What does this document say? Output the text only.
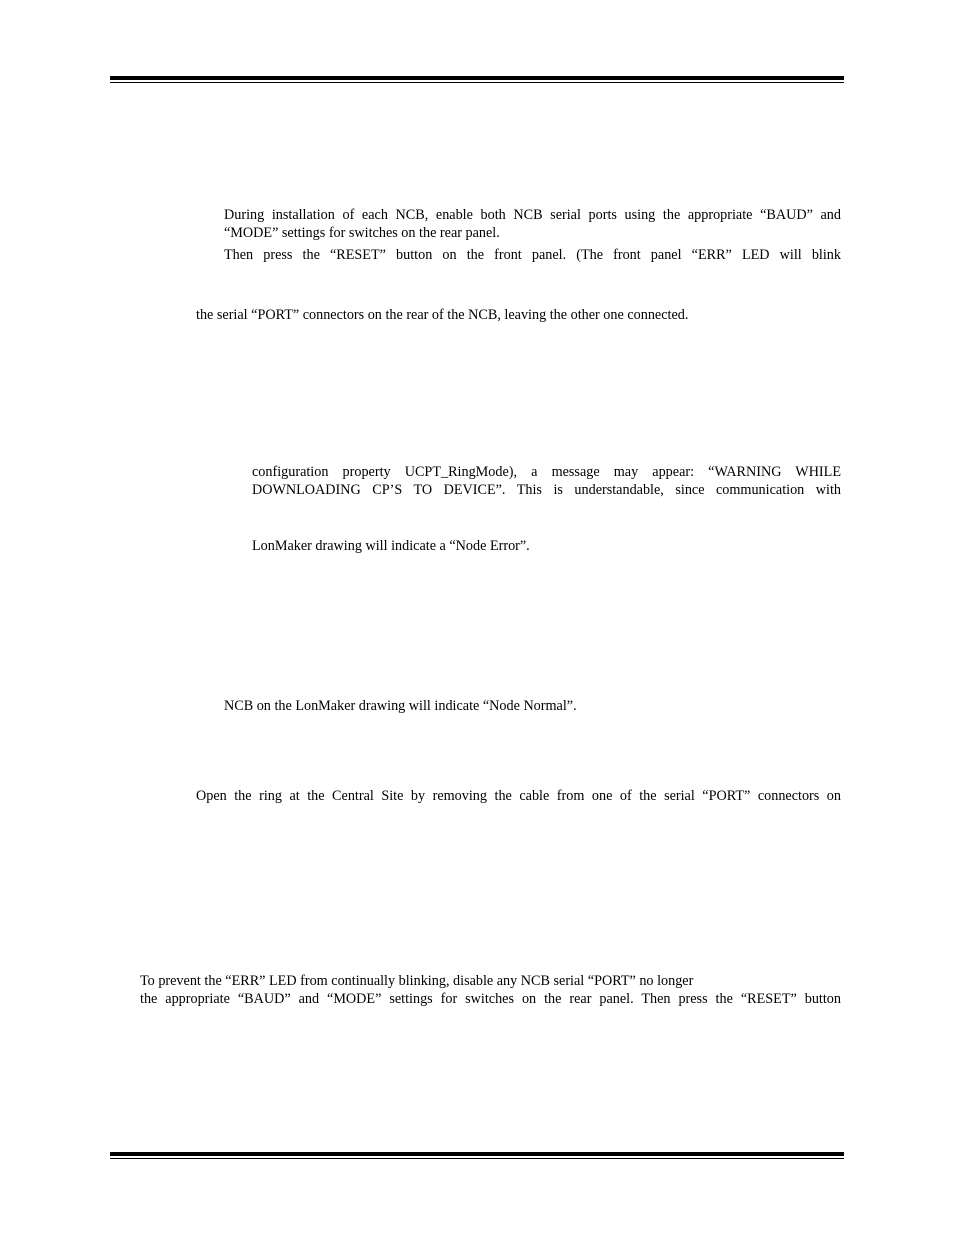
During installation of each NCB, enable both NCB serial ports using the appropriate “BAUD” and
“MODE” settings for switches on the rear panel.
Then press the “RESET” button on the front panel. (The front panel “ERR” LED will blink
the serial “PORT” connectors on the rear of the NCB, leaving the other one connected.
configuration property UCPT_RingMode), a message may appear: “WARNING WHILE
DOWNLOADING CP’S TO DEVICE”. This is understandable, since communication with
LonMaker drawing will indicate a “Node Error”.
NCB on the LonMaker drawing will indicate “Node Normal”.
Open the ring at the Central Site by removing the cable from one of the serial “PORT” connectors on
To prevent the “ERR” LED from continually blinking, disable any NCB serial “PORT” no longer
the appropriate “BAUD” and “MODE” settings for switches on the rear panel. Then press the “RESET” button
